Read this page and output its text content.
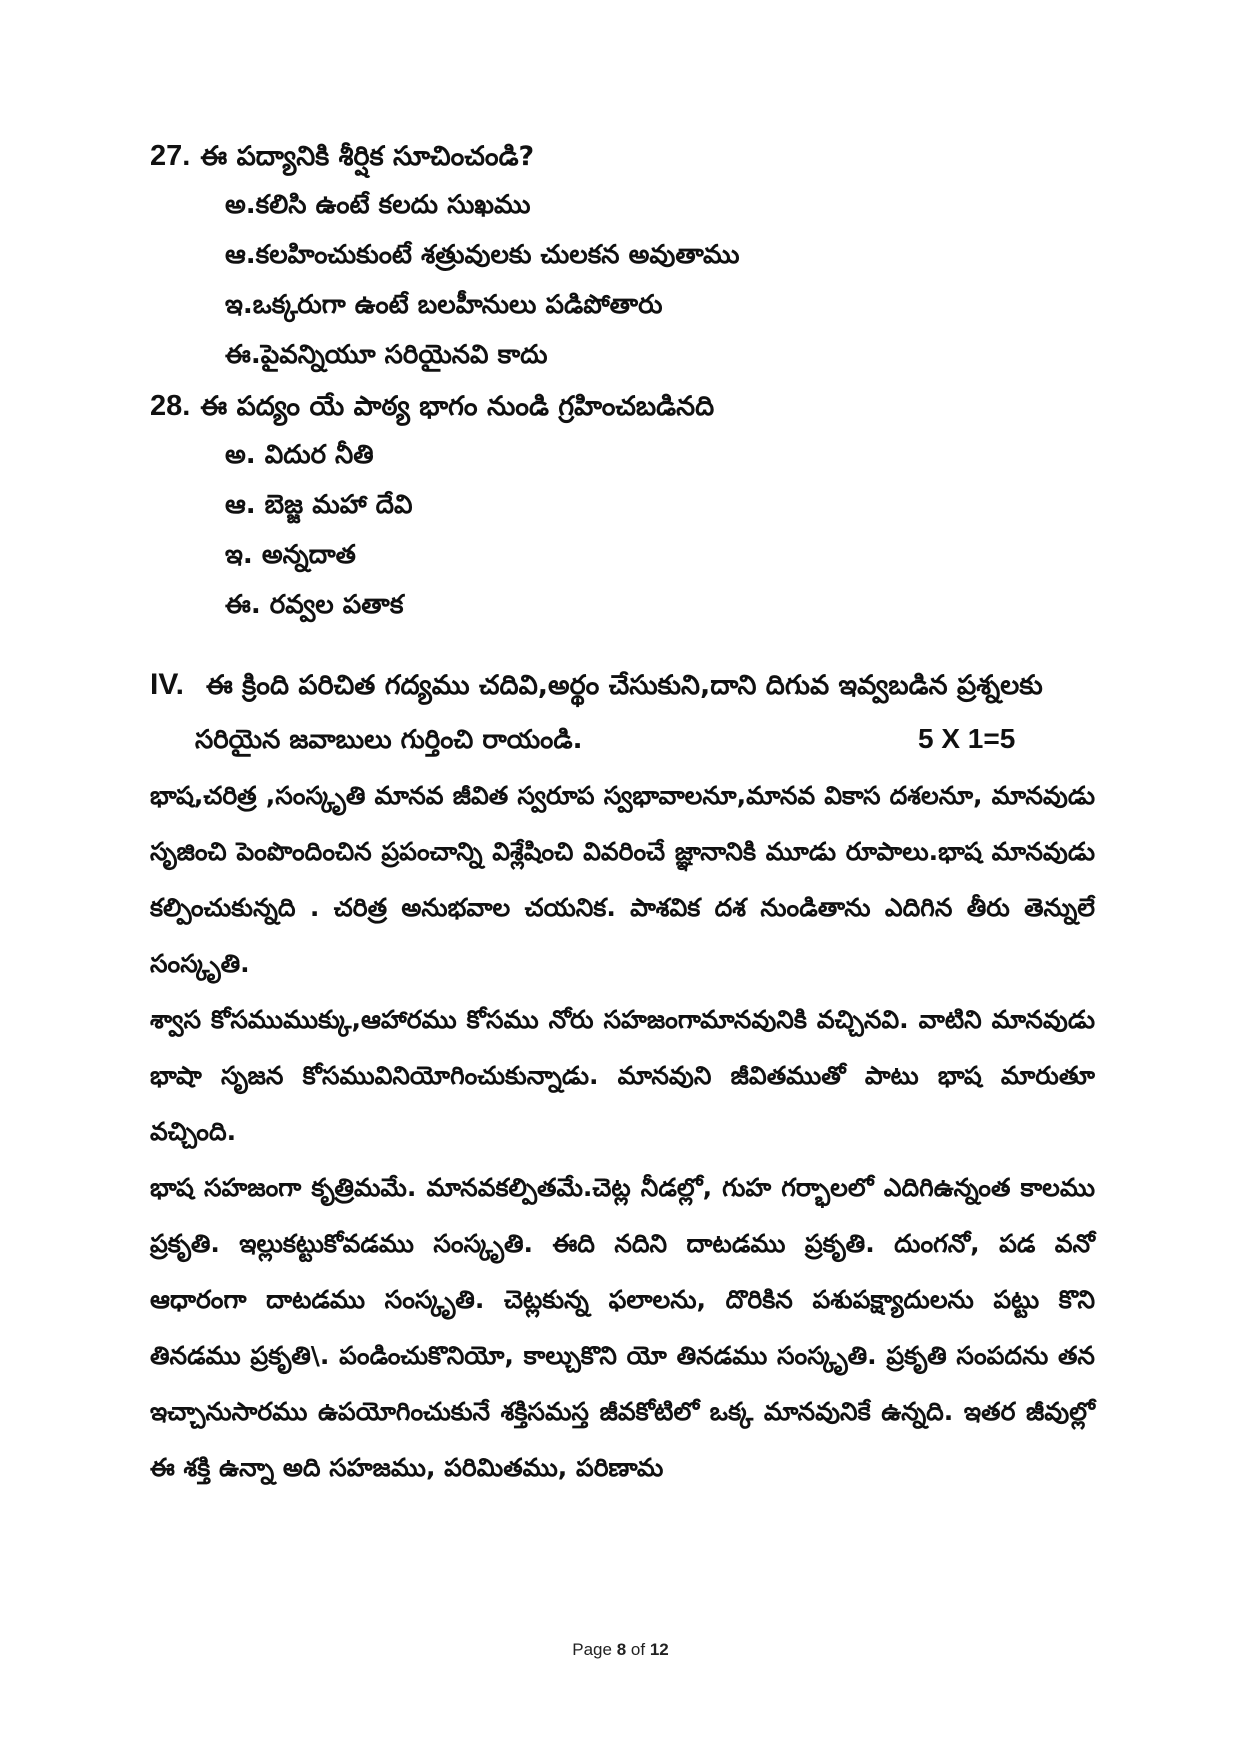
27. ఈ పద్యానికి శీర్షిక సూచించండి?
అ.కలిసి ఉంటే కలదు సుఖము
ఆ.కలహించుకుంటే శత్రువులకు చులకన అవుతాము
ఇ.ఒక్కరుగా ఉంటే బలహీనులు పడిపోతారు
ఈ.పైవన్నియూ సరియైనవి కాదు
28. ఈ పద్యం యే పాఠ్య భాగం నుండి గ్రహించబడినది
అ. విదుర నీతి
ఆ. బెజ్జ మహా దేవి
ఇ. అన్నదాత
ఈ. రవ్వల పతాక
IV. ఈ క్రింది పరిచిత గద్యము చదివి,అర్థం చేసుకుని,దాని దిగువ ఇవ్వబడిన ప్రశ్నలకు
సరియైన జవాబులు గుర్తించి రాయండి.	5 X 1=5
భాష,చరిత్ర ,సంస్కృతి మానవ జీవిత స్వరూప స్వభావాలనూ,మానవ వికాస దశలనూ, మానవుడు సృజించి పెంపొందించిన ప్రపంచాన్ని విశ్లేషించి వివరించే జ్ఞానానికి మూడు రూపాలు.భాష మానవుడు కల్పించుకున్నది . చరిత్ర అనుభవాల చయనిక. పాశవిక దశ నుండితాను ఎదిగిన తీరు తెన్నులే సంస్కృతి.
శ్వాస కోసముముక్కు,ఆహారము కోసము నోరు సహజంగామానవునికి వచ్చినవి. వాటిని మానవుడు భాషా సృజన కోసమువినియోగించుకున్నాడు. మానవుని జీవితముతో పాటు భాష మారుతూ వచ్చింది.
భాష సహజంగా కృత్రిమమే. మానవకల్పితమే.చెట్ల నీడల్లో, గుహ గర్భాలలో ఎదిగిఉన్నంత కాలము ప్రకృతి. ఇల్లుకట్టుకోవడము సంస్కృతి. ఈది నదిని దాటడము ప్రకృతి. దుంగనో, పడ వనో ఆధారంగా దాటడము సంస్కృతి. చెట్లకున్న ఫలాలను, దొరికిన పశుపక్ష్యాదులను పట్టు కొని తినడము ప్రకృతి\. పండించుకొనియో, కాల్చుకొని యో తినడము సంస్కృతి. ప్రకృతి సంపదను తన ఇచ్చానుసారము ఉపయోగించుకునే శక్తిసమస్త జీవకోటిలో ఒక్క మానవునికే ఉన్నది. ఇతర జీవుల్లో ఈ శక్తి ఉన్నా అది సహజము, పరిమితము, పరిణామ
Page 8 of 12
